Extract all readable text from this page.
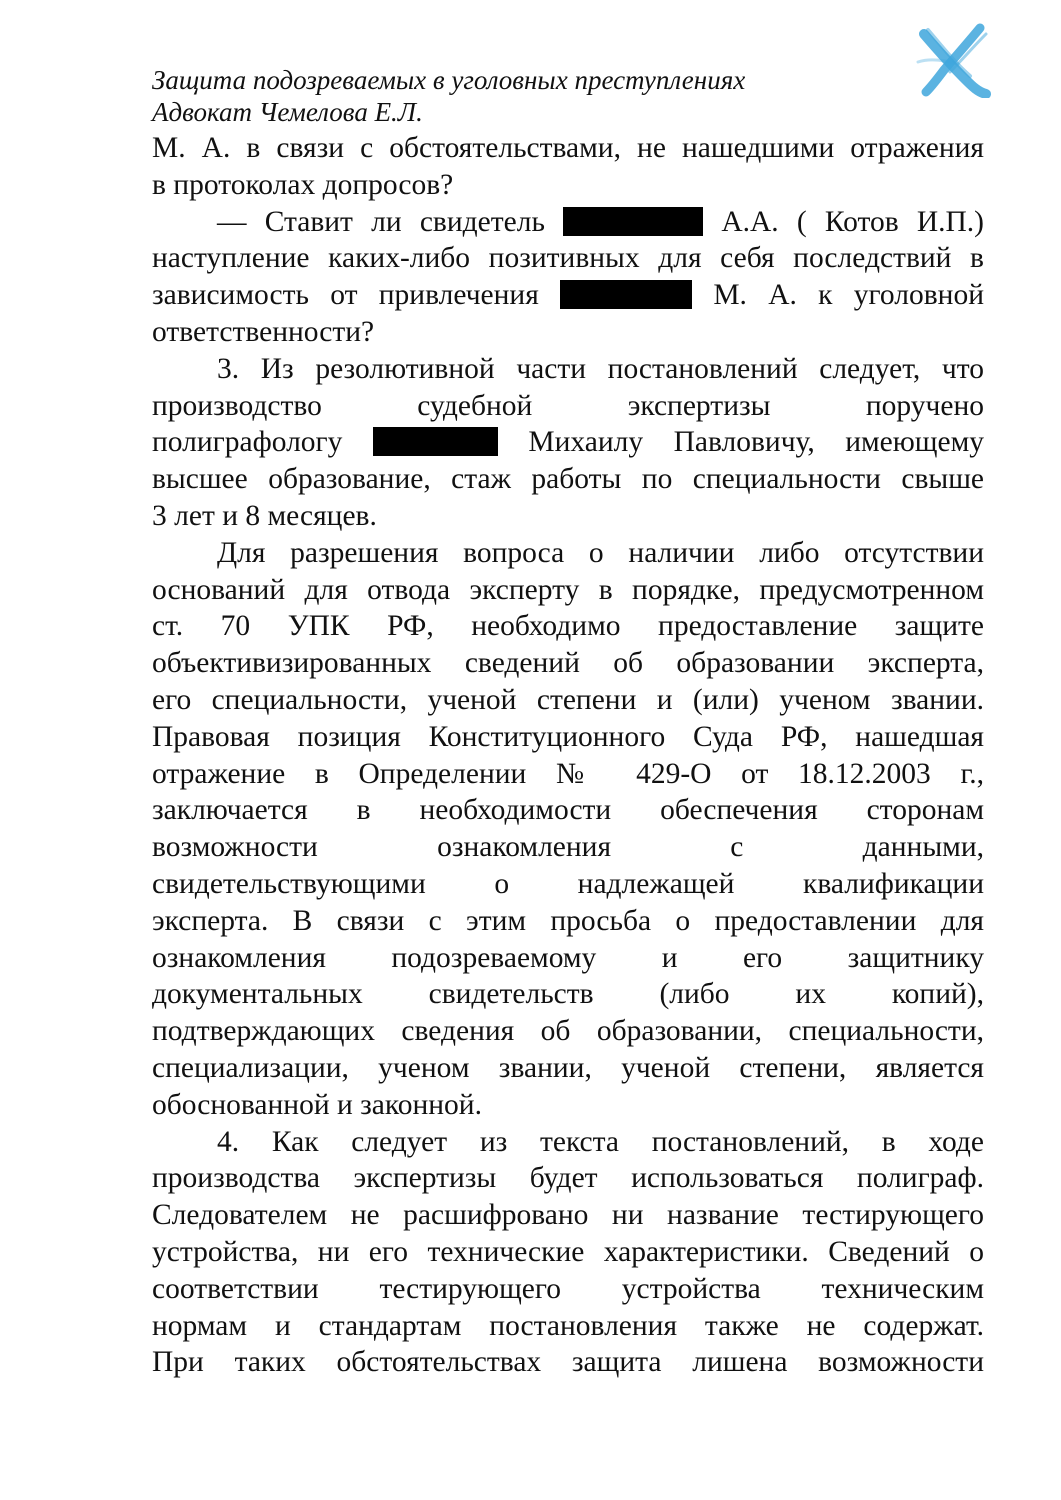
Защита подозреваемых в уголовных преступлениях
Адвокат Чемелова Е.Л.
М. А. в связи с обстоятельствами, не нашедшими отражения
в протоколах допросов?
— Ставит ли свидетель	А.А. ( Котов И.П.)
наступление каких-либо позитивных для себя последствий в
зависимость от привлечения	М. А. к уголовной
ответственности?
3. Из резолютивной части постановлений следует, что
производство судебной экспертизы поручено
полиграфологу	Михаилу Павловичу, имеющему
высшее образование, стаж работы по специальности свыше
3 лет и 8 месяцев.
Для разрешения вопроса о наличии либо отсутствии
оснований для отвода эксперту в порядке, предусмотренном
ст. 70 УПК РФ, необходимо предоставление защите
объективизированных сведений об образовании эксперта,
его специальности, ученой степени и (или) ученом звании.
Правовая позиция Конституционного Суда РФ, нашедшая
отражение в Определении № 429-О от 18.12.2003 г.,
заключается в необходимости обеспечения сторонам
возможности ознакомления с данными,
свидетельствующими о надлежащей квалификации
эксперта. В связи с этим просьба о предоставлении для
ознакомления подозреваемому и его защитнику
документальных свидетельств (либо их копий),
подтверждающих сведения об образовании, специальности,
специализации, ученом звании, ученой степени, является
обоснованной и законной.
4. Как следует из текста постановлений, в ходе
производства экспертизы будет использоваться полиграф.
Следователем не расшифровано ни название тестирующего
устройства, ни его технические характеристики. Сведений о
соответствии тестирующего устройства техническим
нормам и стандартам постановления также не содержат.
При таких обстоятельствах защита лишена возможности
